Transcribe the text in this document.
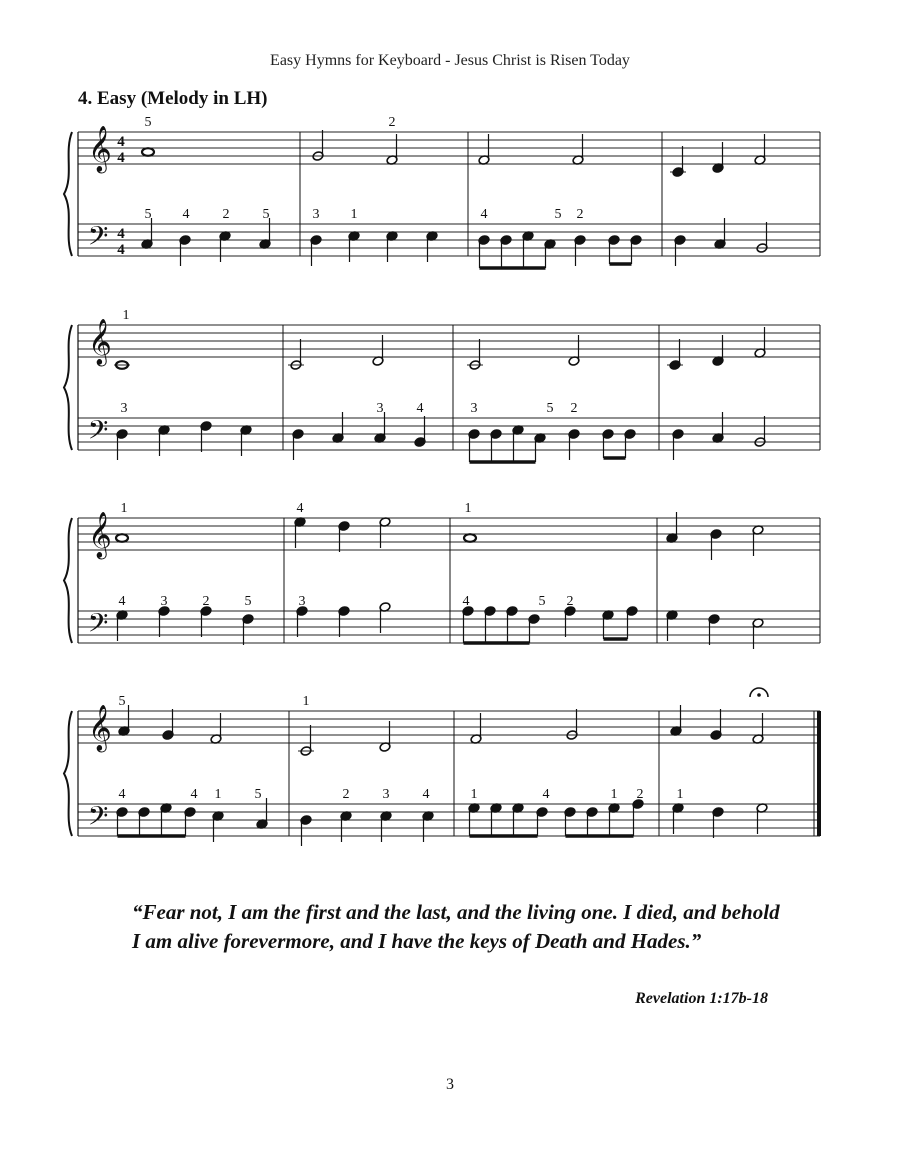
Easy Hymns for Keyboard - Jesus Christ is Risen Today
4. Easy (Melody in LH)
𝄞
𝄢
4
4
4
4
5	2
5 4 2 5	3 1	4	5 2
𝄞
𝄢
1
3	3 4	3	5 2
𝄞
𝄢
1	4	1
4	3	2	5	3	4	5 2
𝄞
𝄢
5	1
4	4 1 5	2 3 4	1	4	1 2 1
“Fear not, I am the first and the last, and the living one. I died, and behold I am alive forevermore, and I have the keys of Death and Hades.”
Revelation 1:17b-18
3
